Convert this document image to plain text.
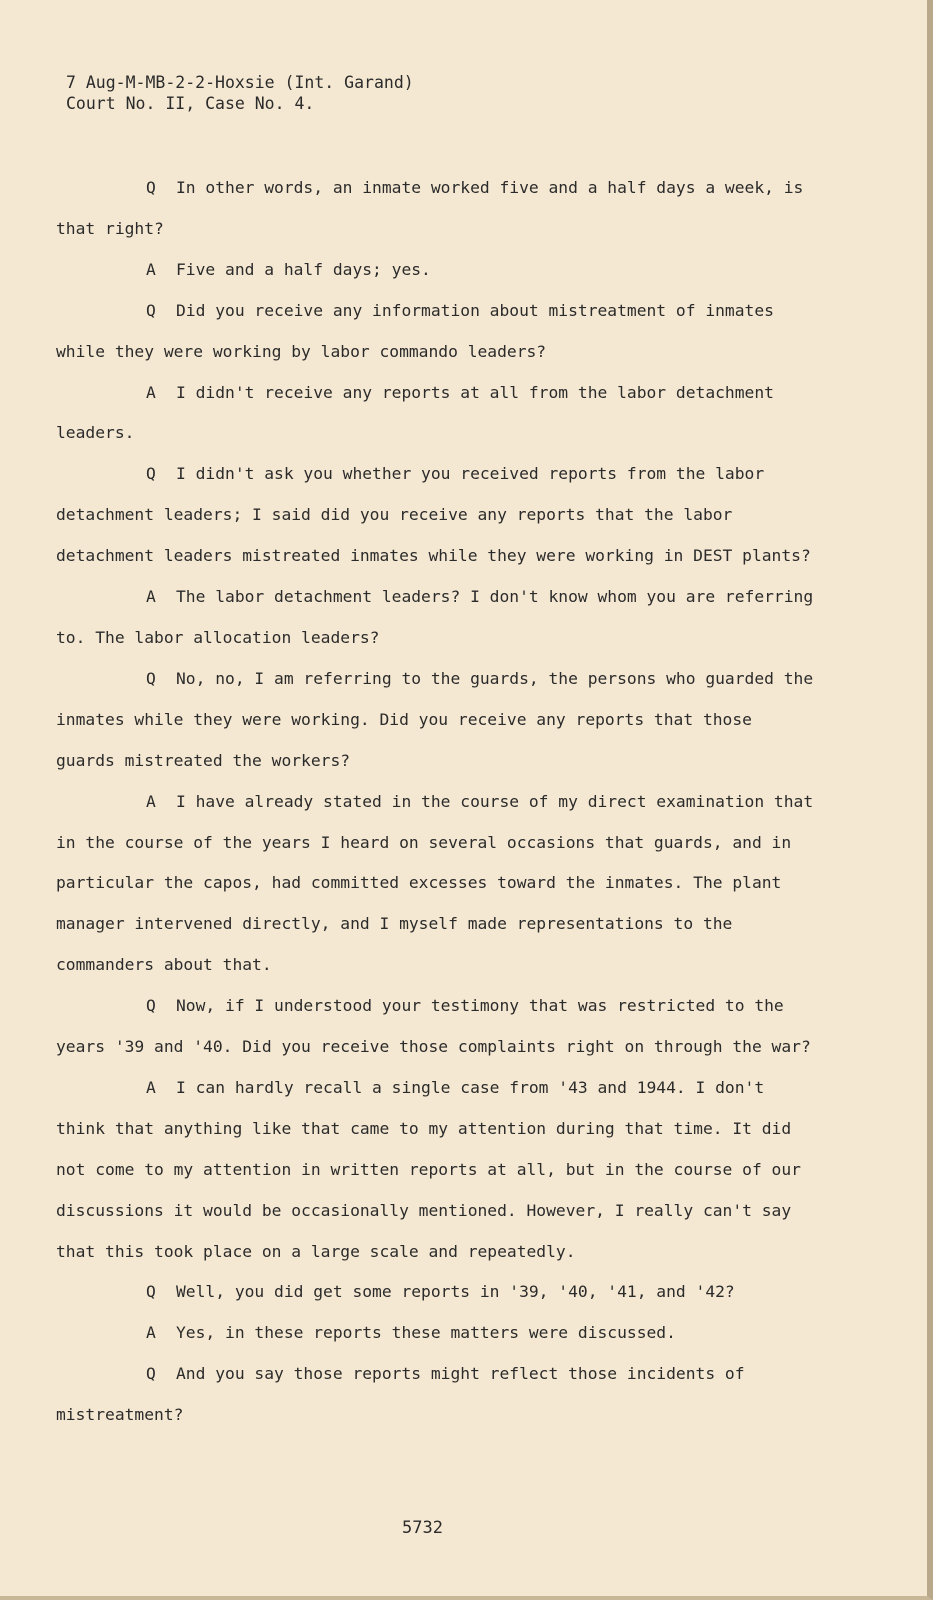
7 Aug-M-MB-2-2-Hoxsie (Int. Garand)
Court No. II, Case No. 4.

Q In other words, an inmate worked five and a half days a week, is that right?

A Five and a half days; yes.

Q Did you receive any information about mistreatment of inmates while they were working by labor commando leaders?

A I didn't receive any reports at all from the labor detachment leaders.

Q I didn't ask you whether you received reports from the labor detachment leaders; I said did you receive any reports that the labor detachment leaders mistreated inmates while they were working in DEST plants?

A The labor detachment leaders? I don't know whom you are referring to. The labor allocation leaders?

Q No, no, I am referring to the guards, the persons who guarded the inmates while they were working. Did you receive any reports that those guards mistreated the workers?

A I have already stated in the course of my direct examination that in the course of the years I heard on several occasions that guards, and in particular the capos, had committed excesses toward the inmates. The plant manager intervened directly, and I myself made representations to the commanders about that.

Q Now, if I understood your testimony that was restricted to the years '39 and '40. Did you receive those complaints right on through the war?

A I can hardly recall a single case from '43 and 1944. I don't think that anything like that came to my attention during that time. It did not come to my attention in written reports at all, but in the course of our discussions it would be occasionally mentioned. However, I really can't say that this took place on a large scale and repeatedly.

Q Well, you did get some reports in '39, '40, '41, and '42?

A Yes, in these reports these matters were discussed.

Q And you say those reports might reflect those incidents of mistreatment?

5732
